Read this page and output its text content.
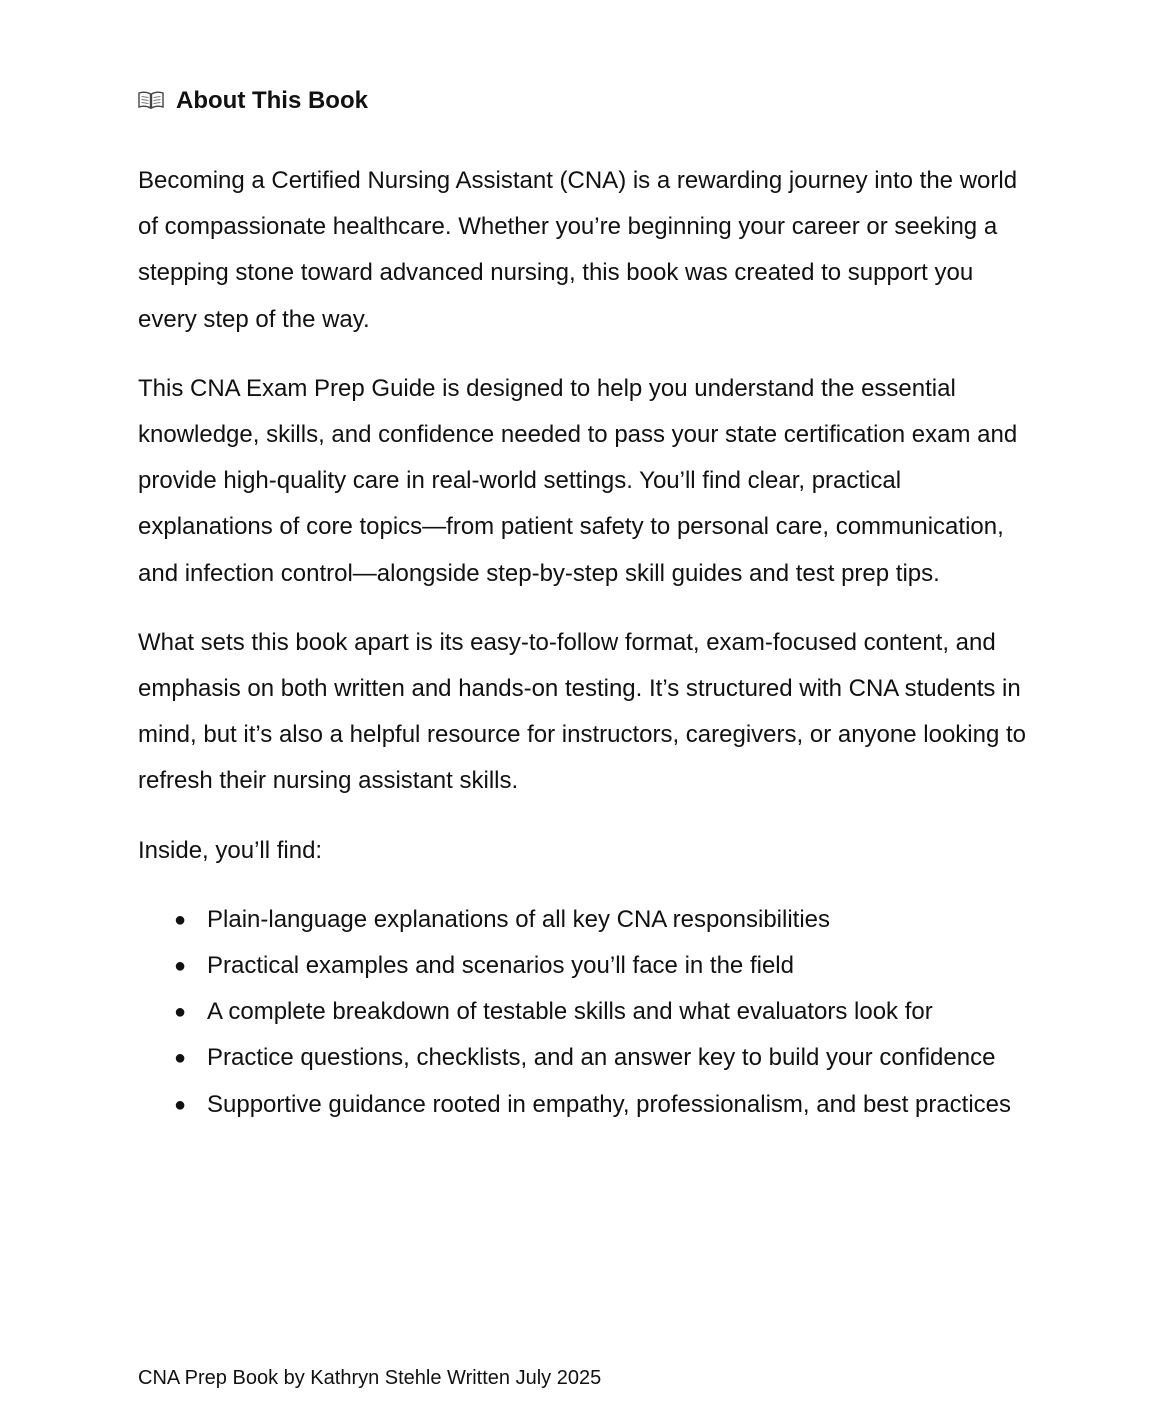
About This Book

Becoming a Certified Nursing Assistant (CNA) is a rewarding journey into the world of compassionate healthcare. Whether you’re beginning your career or seeking a stepping stone toward advanced nursing, this book was created to support you every step of the way.

This CNA Exam Prep Guide is designed to help you understand the essential knowledge, skills, and confidence needed to pass your state certification exam and provide high-quality care in real-world settings. You’ll find clear, practical explanations of core topics—from patient safety to personal care, communication, and infection control—alongside step-by-step skill guides and test prep tips.

What sets this book apart is its easy-to-follow format, exam-focused content, and emphasis on both written and hands-on testing. It’s structured with CNA students in mind, but it’s also a helpful resource for instructors, caregivers, or anyone looking to refresh their nursing assistant skills.

Inside, you’ll find:

● Plain-language explanations of all key CNA responsibilities
● Practical examples and scenarios you’ll face in the field
● A complete breakdown of testable skills and what evaluators look for
● Practice questions, checklists, and an answer key to build your confidence
● Supportive guidance rooted in empathy, professionalism, and best practices
CNA Prep Book by Kathryn Stehle Written July 2025
